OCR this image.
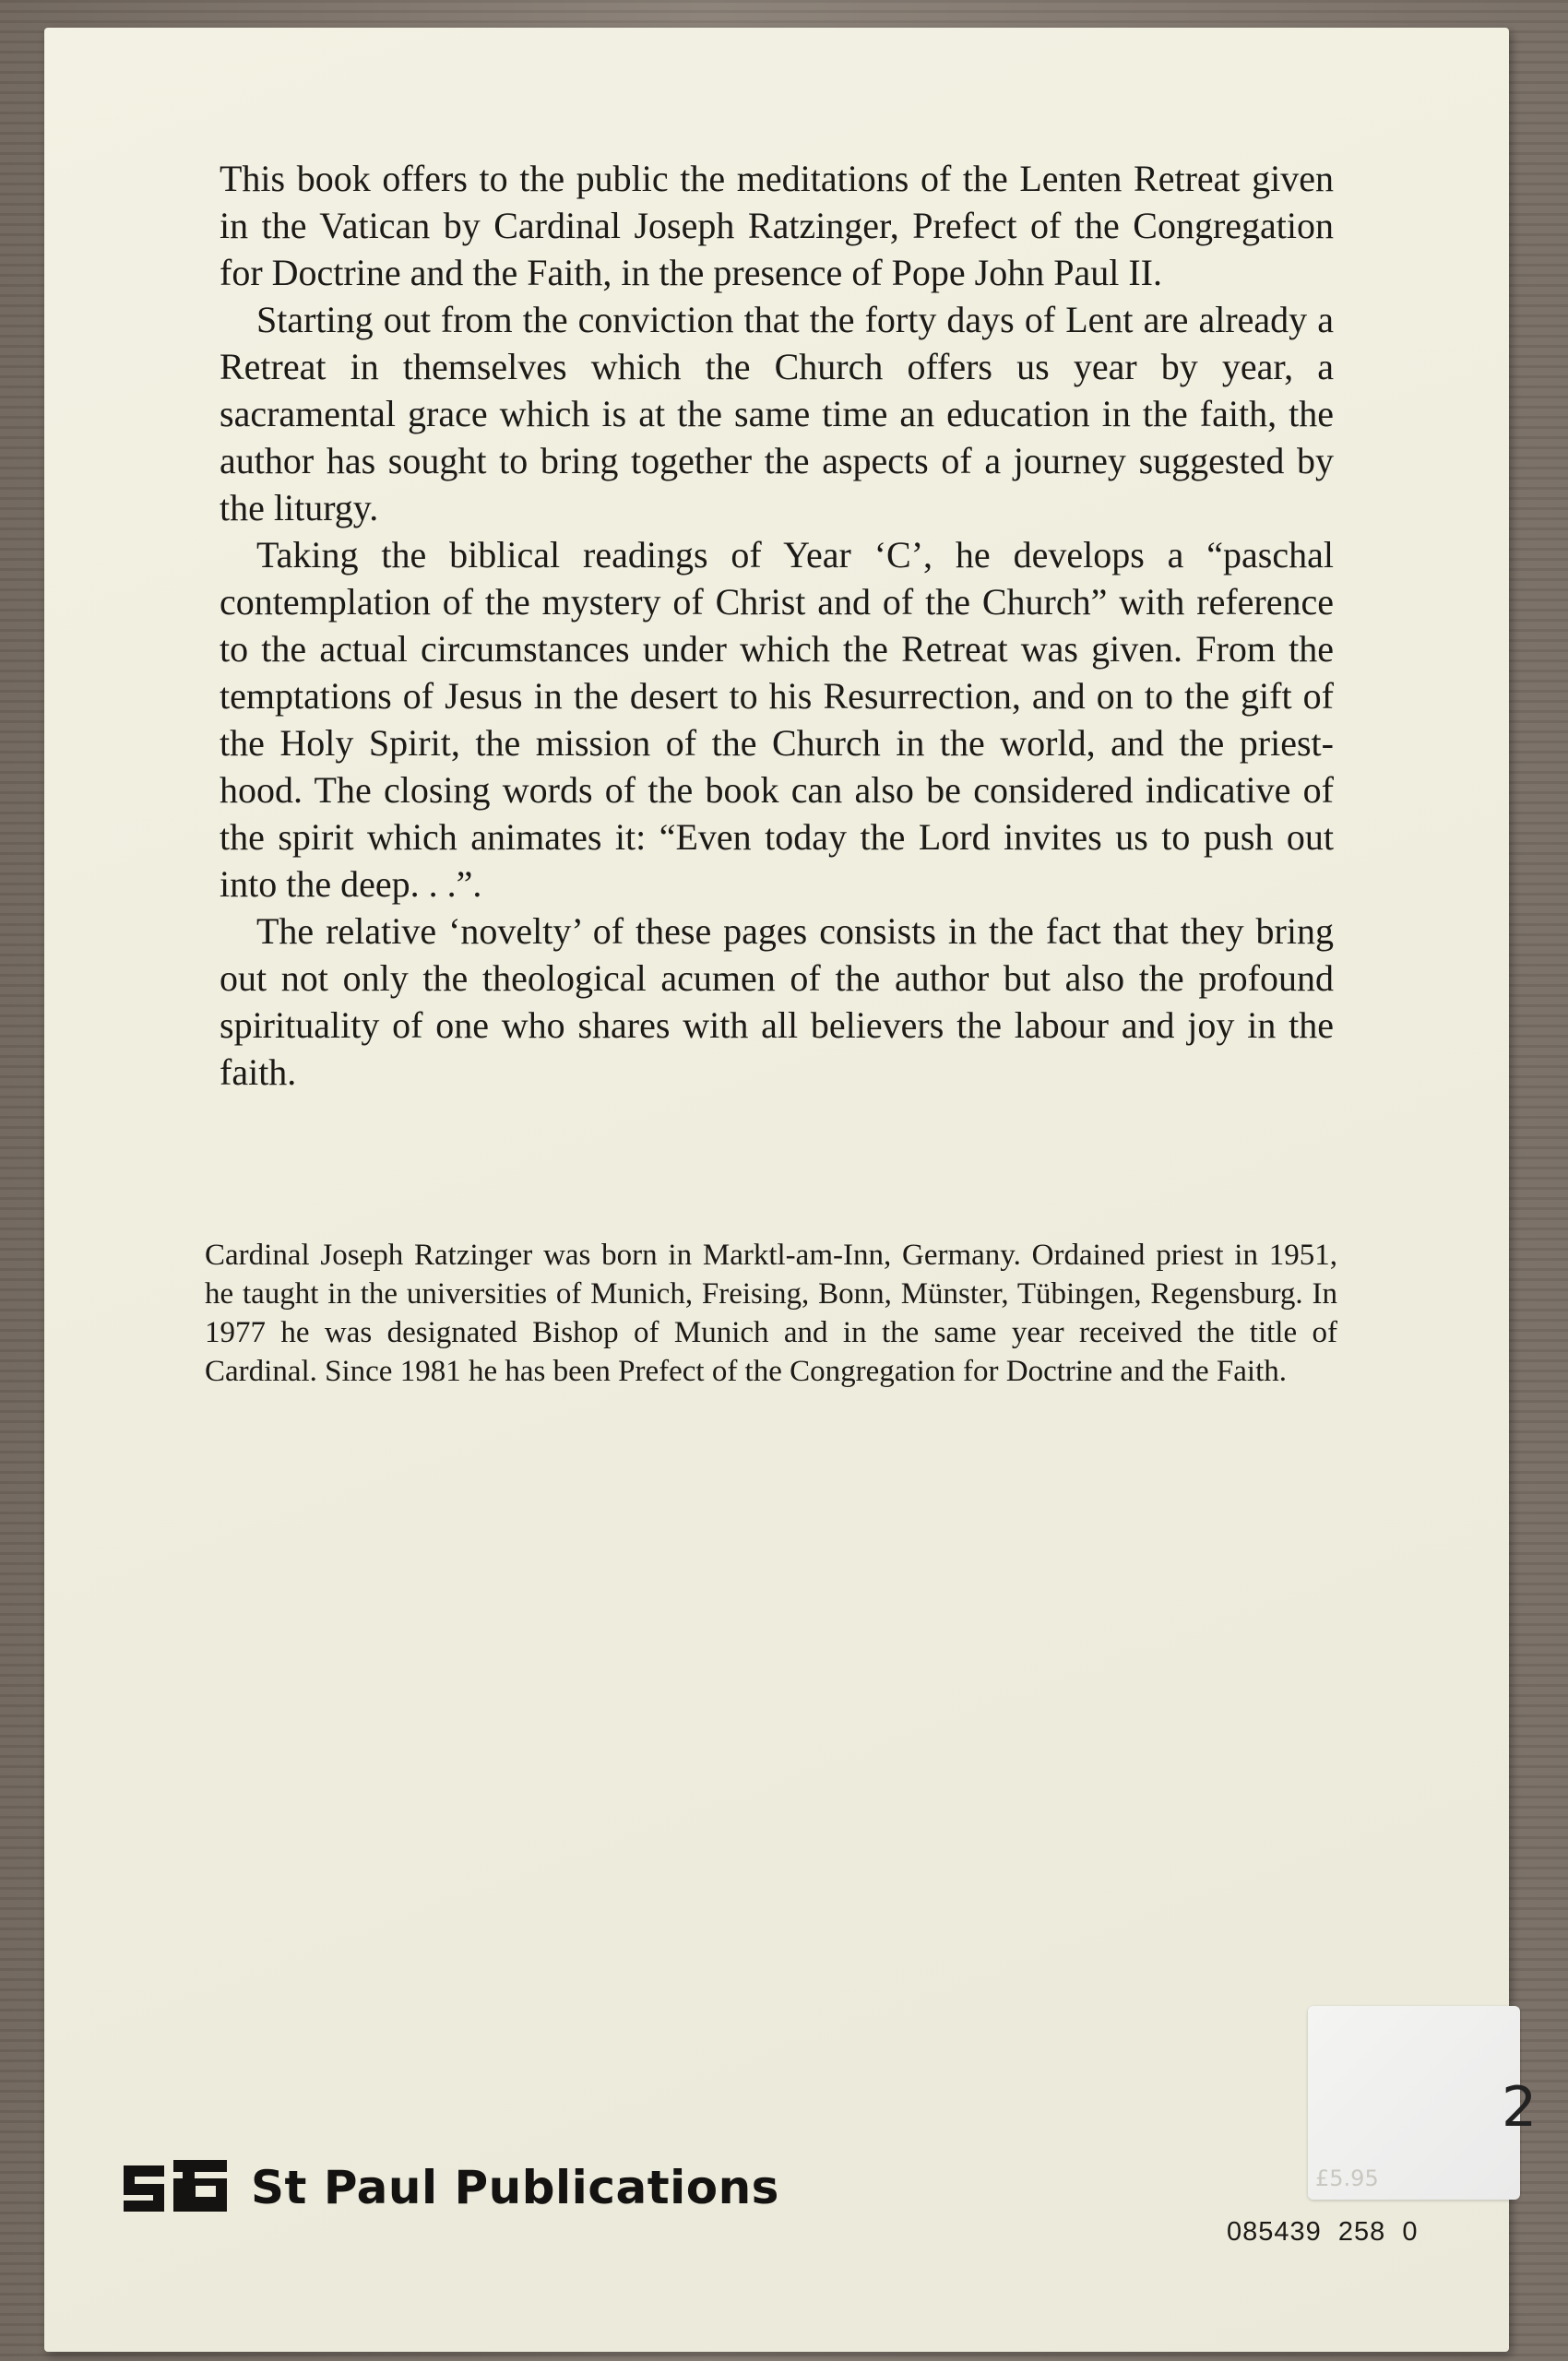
This book offers to the public the meditations of the Lenten Retreat given in the Vatican by Cardinal Joseph Ratzinger, Prefect of the Congregation for Doctrine and the Faith, in the presence of Pope John Paul II.

Starting out from the conviction that the forty days of Lent are already a Retreat in themselves which the Church offers us year by year, a sacramental grace which is at the same time an education in the faith, the author has sought to bring together the aspects of a journey suggested by the liturgy.

Taking the biblical readings of Year ‘C’, he develops a “paschal contemplation of the mystery of Christ and of the Church” with reference to the actual circumstances under which the Retreat was given. From the temptations of Jesus in the desert to his Resurrection, and on to the gift of the Holy Spirit, the mission of the Church in the world, and the priest-hood. The closing words of the book can also be considered indicative of the spirit which animates it: “Even today the Lord invites us to push out into the deep. . .”.

The relative ‘novelty’ of these pages consists in the fact that they bring out not only the theological acumen of the author but also the profound spirituality of one who shares with all believers the labour and joy in the faith.

Cardinal Joseph Ratzinger was born in Marktl-am-Inn, Germany. Ordained priest in 1951, he taught in the universities of Munich, Freising, Bonn, Münster, Tübingen, Regensburg. In 1977 he was designated Bishop of Munich and in the same year received the title of Cardinal. Since 1981 he has been Prefect of the Congregation for Doctrine and the Faith.

St Paul Publications
085439  258  0
£5.95
2
